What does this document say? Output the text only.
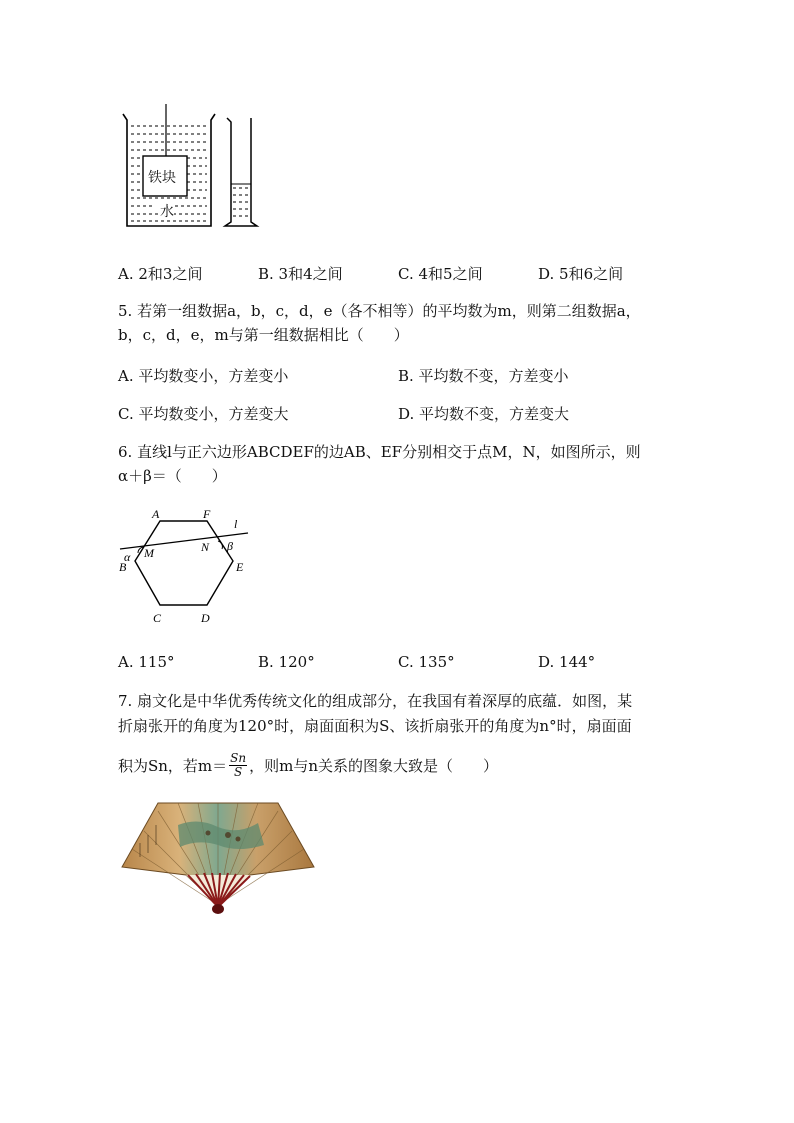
铁块
水
A. 2和3之间	B. 3和4之间	C. 4和5之间	D. 5和6之间
5. 若第一组数据a，b，c，d，e（各不相等）的平均数为m，则第二组数据a，
b，c，d，e，m与第一组数据相比（　　）
A. 平均数变小，方差变小	B. 平均数不变，方差变小
C. 平均数变小，方差变大	D. 平均数不变，方差变大
6. 直线l与正六边形ABCDEF的边AB、EF分别相交于点M，N，如图所示，则
α＋β＝（　　）
A	F
l
α M	N β
B	E
C	D
A. 115°	B. 120°	C. 135°	D. 144°
7. 扇文化是中华优秀传统文化的组成部分，在我国有着深厚的底蕴．如图，某
折扇张开的角度为120°时，扇面面积为S、该折扇张开的角度为n°时，扇面面
积为Sn，若$m= \frac{Sn}{S}$ ，则m与n关系的图象大致是（　　）
